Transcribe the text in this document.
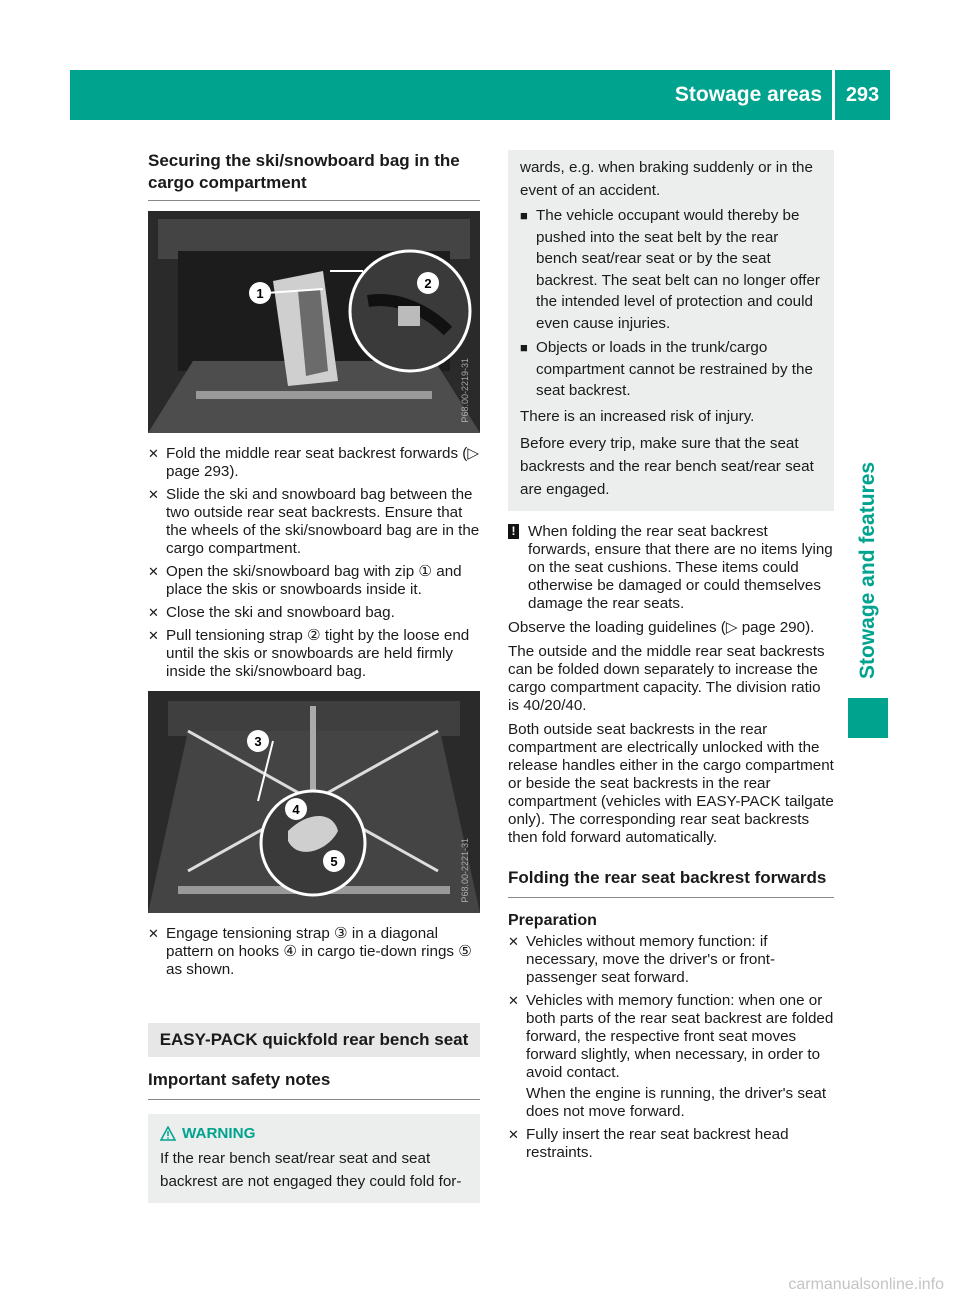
Stowage areas	293
Stowage and features
Securing the ski/snowboard bag in the cargo compartment
1
2
P68.00-2219-31
✕ Fold the middle rear seat backrest forwards (▷ page 293).
✕ Slide the ski and snowboard bag between the two outside rear seat backrests. Ensure that the wheels of the ski/snowboard bag are in the cargo compartment.
✕ Open the ski/snowboard bag with zip ① and place the skis or snowboards inside it.
✕ Close the ski and snowboard bag.
✕ Pull tensioning strap ② tight by the loose end until the skis or snowboards are held firmly inside the ski/snowboard bag.
3
4
5	P68.00-2221-31
✕ Engage tensioning strap ③ in a diagonal pattern on hooks ④ in cargo tie-down rings ⑤ as shown.
EASY-PACK quickfold rear bench seat
Important safety notes
WARNING
If the rear bench seat/rear seat and seat backrest are not engaged they could fold for-
wards, e.g. when braking suddenly or in the event of an accident.
■ The vehicle occupant would thereby be pushed into the seat belt by the rear bench seat/rear seat or by the seat backrest. The seat belt can no longer offer the intended level of protection and could even cause injuries.
■ Objects or loads in the trunk/cargo compartment cannot be restrained by the seat backrest.
There is an increased risk of injury.
Before every trip, make sure that the seat backrests and the rear bench seat/rear seat are engaged.
! When folding the rear seat backrest forwards, ensure that there are no items lying on the seat cushions. These items could otherwise be damaged or could themselves damage the rear seats.

Observe the loading guidelines (▷ page 290).

The outside and the middle rear seat backrests can be folded down separately to increase the cargo compartment capacity. The division ratio is 40/20/40.

Both outside seat backrests in the rear compartment are electrically unlocked with the release handles either in the cargo compartment or beside the seat backrests in the rear compartment (vehicles with EASY-PACK tailgate only). The corresponding rear seat backrests then fold forward automatically.

Folding the rear seat backrest forwards
Preparation
✕ Vehicles without memory function: if necessary, move the driver's or front-passenger seat forward.
✕ Vehicles with memory function: when one or both parts of the rear seat backrest are folded forward, the respective front seat moves forward slightly, when necessary, in order to avoid contact.
When the engine is running, the driver's seat does not move forward.
✕ Fully insert the rear seat backrest head restraints.
carmanualsonline.info
